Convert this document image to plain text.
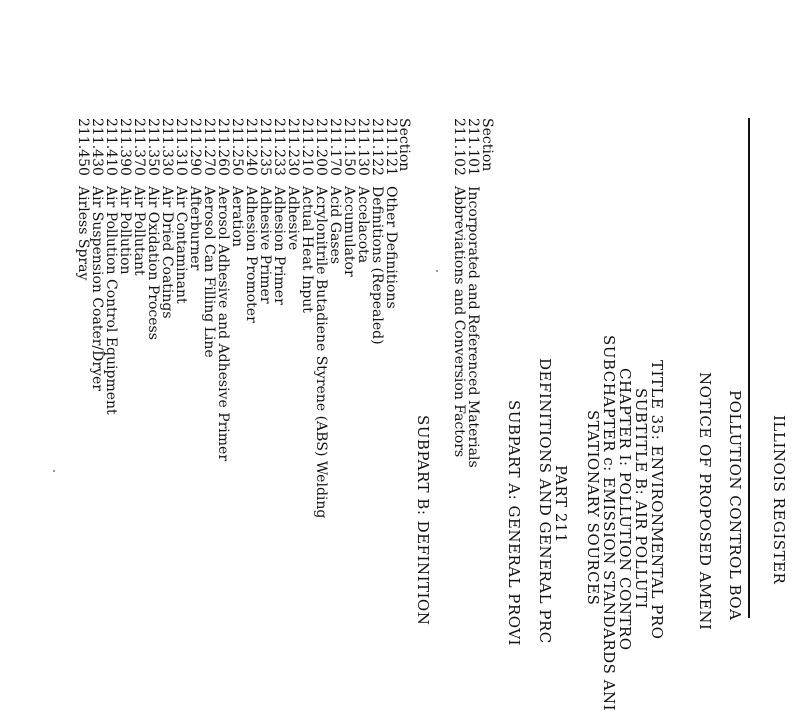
ILLINOIS REGISTER
POLLUTION CONTROL BOA
NOTICE OF PROPOSED AMENI
TITLE 35: ENVIRONMENTAL PRO
SUBTITLE B: AIR POLLUTI
CHAPTER I: POLLUTION CONTRO
SUBCHAPTER c: EMISSION STANDARDS ANI
STATIONARY SOURCES
PART 211
DEFINITIONS AND GENERAL PRC
SUBPART A: GENERAL PROVI
Section
211.101
Incorporated and Referenced Materials
211.102
Abbreviations and Conversion Factors
SUBPART B: DEFINITION
Section
211.121
Other Definitions
211.122
Definitions (Repealed)
211.130
Accelacota
211.150
Accumulator
211.170
Acid Gases
211.200
Acrylonitrile Butadiene Styrene (ABS) Welding
211.210
Actual Heat Input
211.230
Adhesive
211.233
Adhesion Primer
211.235
Adhesive Primer
211.240
Adhesion Promoter
211.250
Aeration
211.260
Aerosol Adhesive and Adhesive Primer
211.270
Aerosol Can Filling Line
211.290
Afterburner
211.310
Air Contaminant
211.330
Air Dried Coatings
211.350
Air Oxidation Process
211.370
Air Pollutant
211.390
Air Pollution
211.410
Air Pollution Control Equipment
211.430
Air Suspension Coater/Dryer
211.450
Airless Spray
